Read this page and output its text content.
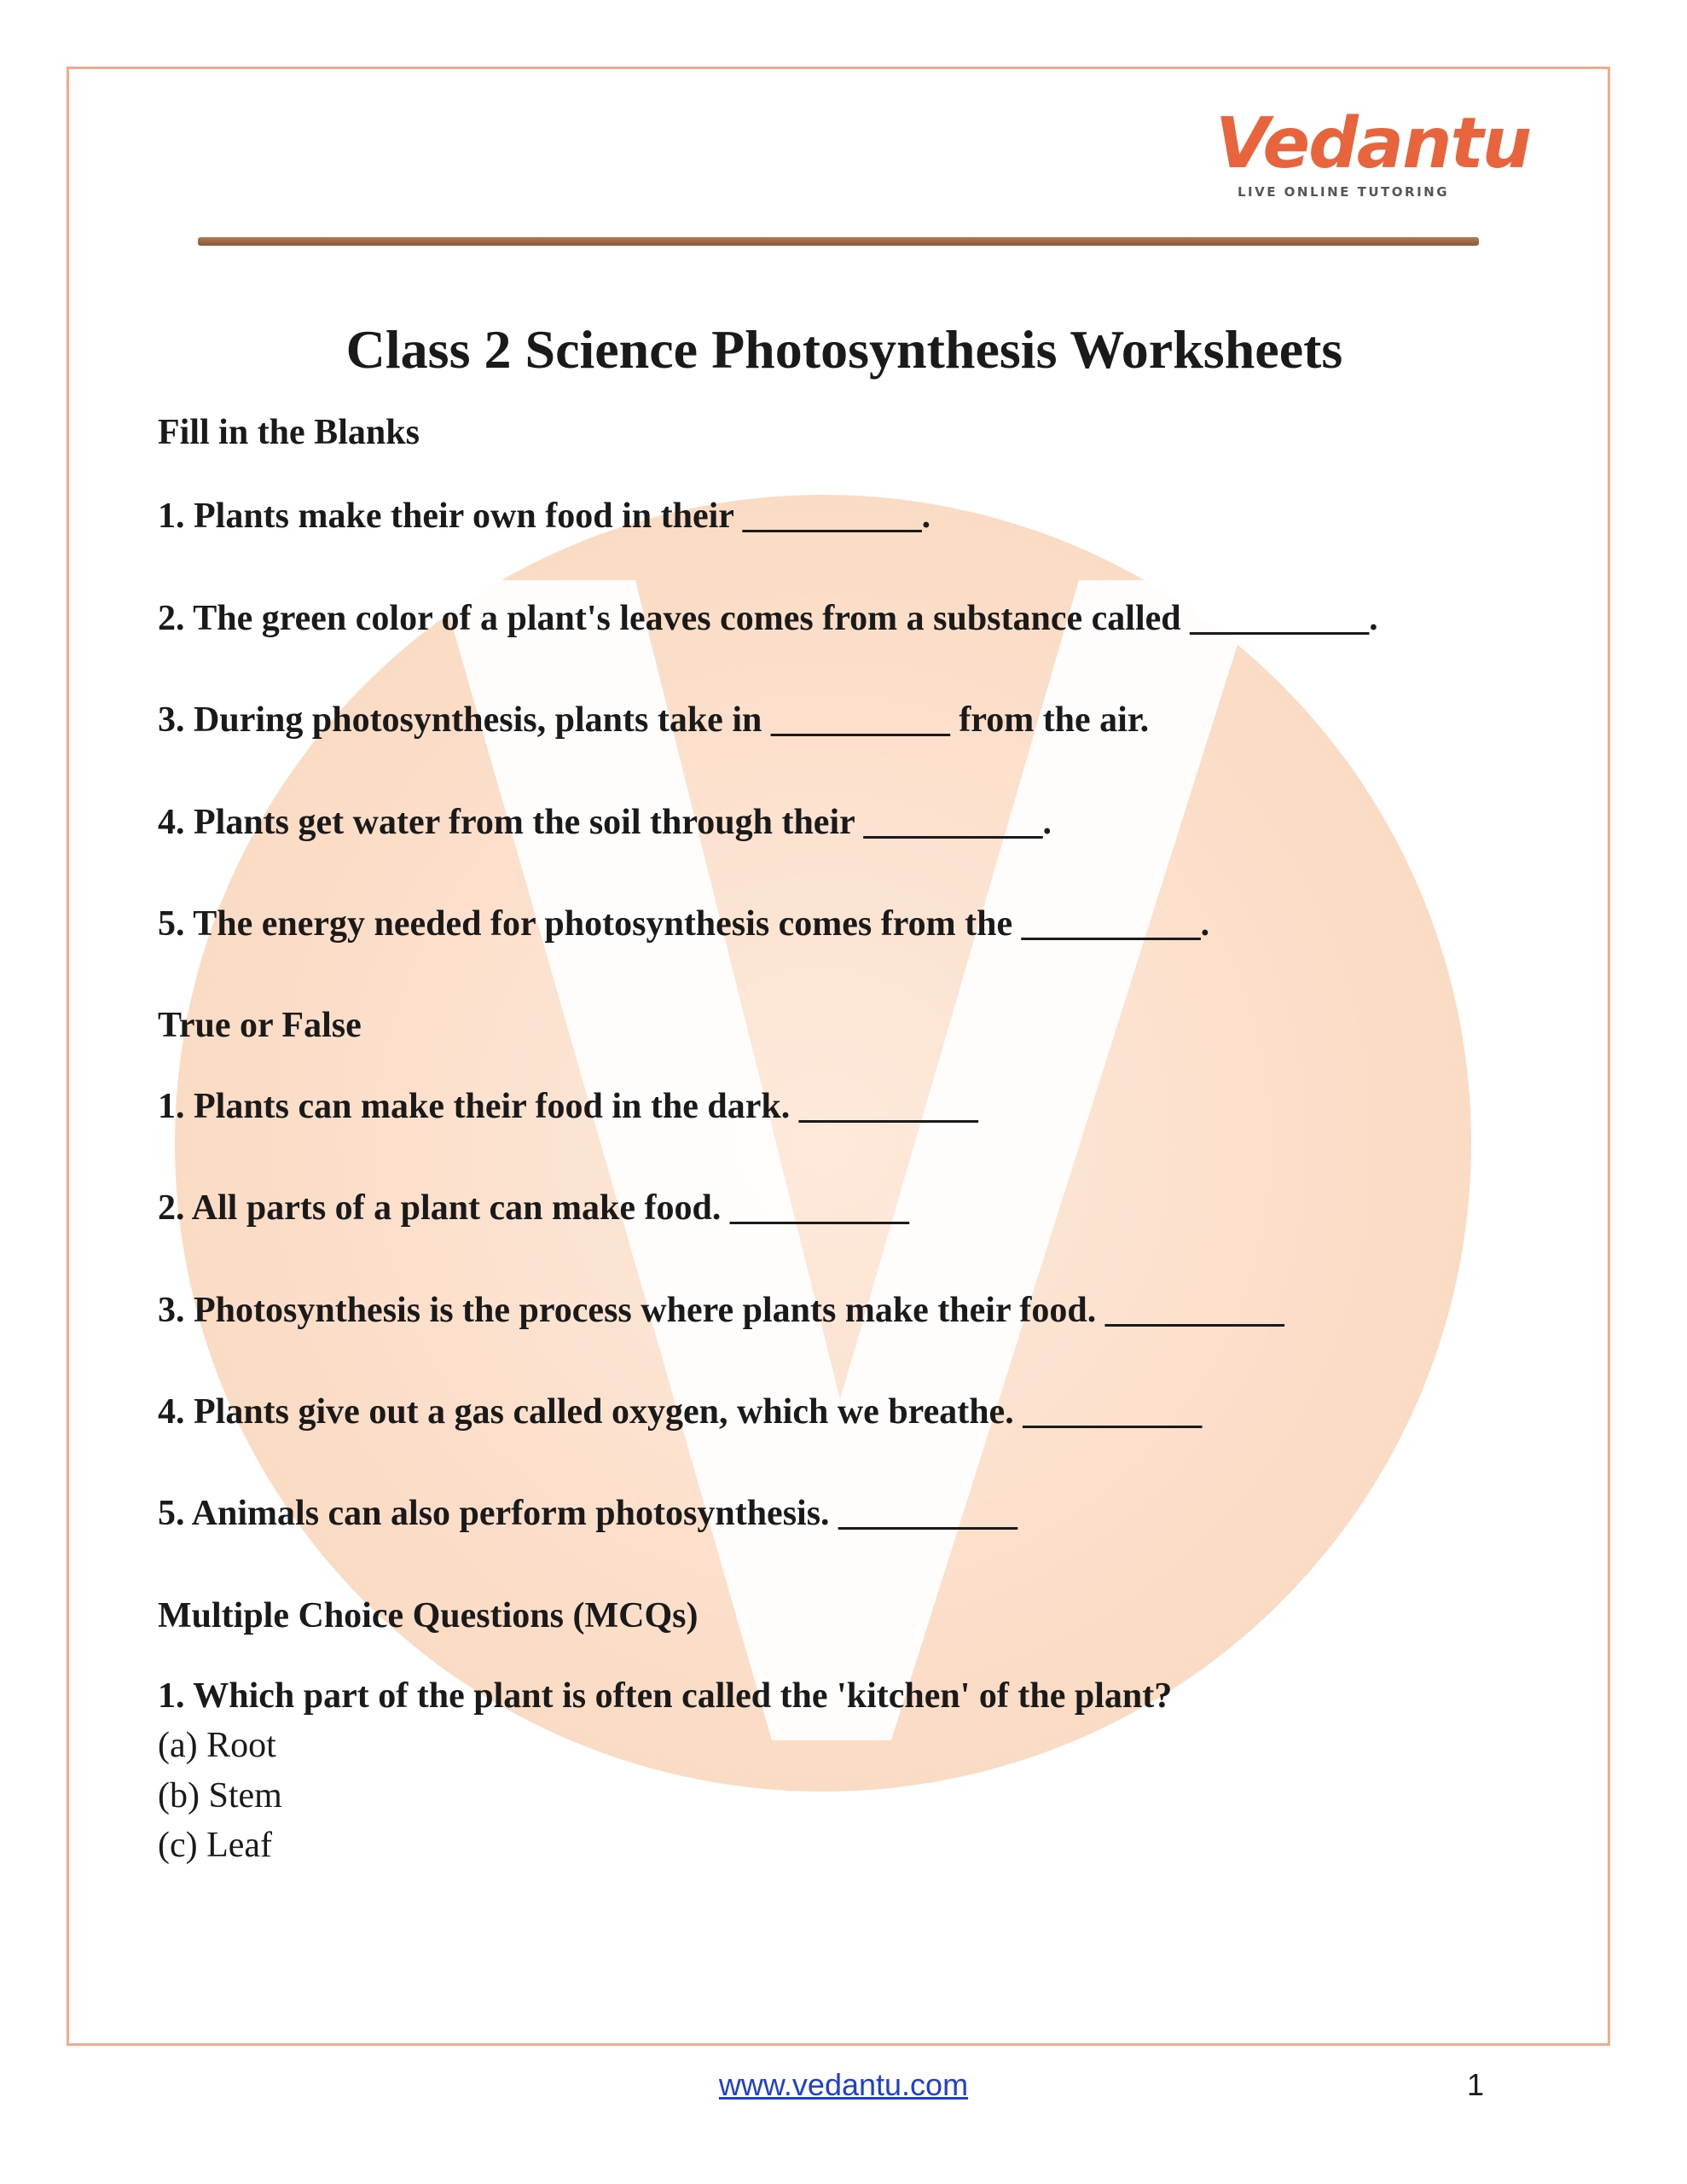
Vedantu
LIVE ONLINE TUTORING
Class 2 Science Photosynthesis Worksheets
Fill in the Blanks

1. Plants make their own food in their __________.

2. The green color of a plant's leaves comes from a substance called __________.

3. During photosynthesis, plants take in __________ from the air.

4. Plants get water from the soil through their __________.

5. The energy needed for photosynthesis comes from the __________.

True or False

1. Plants can make their food in the dark. __________

2. All parts of a plant can make food. __________

3. Photosynthesis is the process where plants make their food. __________

4. Plants give out a gas called oxygen, which we breathe. __________

5. Animals can also perform photosynthesis. __________

Multiple Choice Questions (MCQs)

1. Which part of the plant is often called the 'kitchen' of the plant?

(a) Root

(b) Stem

(c) Leaf

www.vedantu.com	1
